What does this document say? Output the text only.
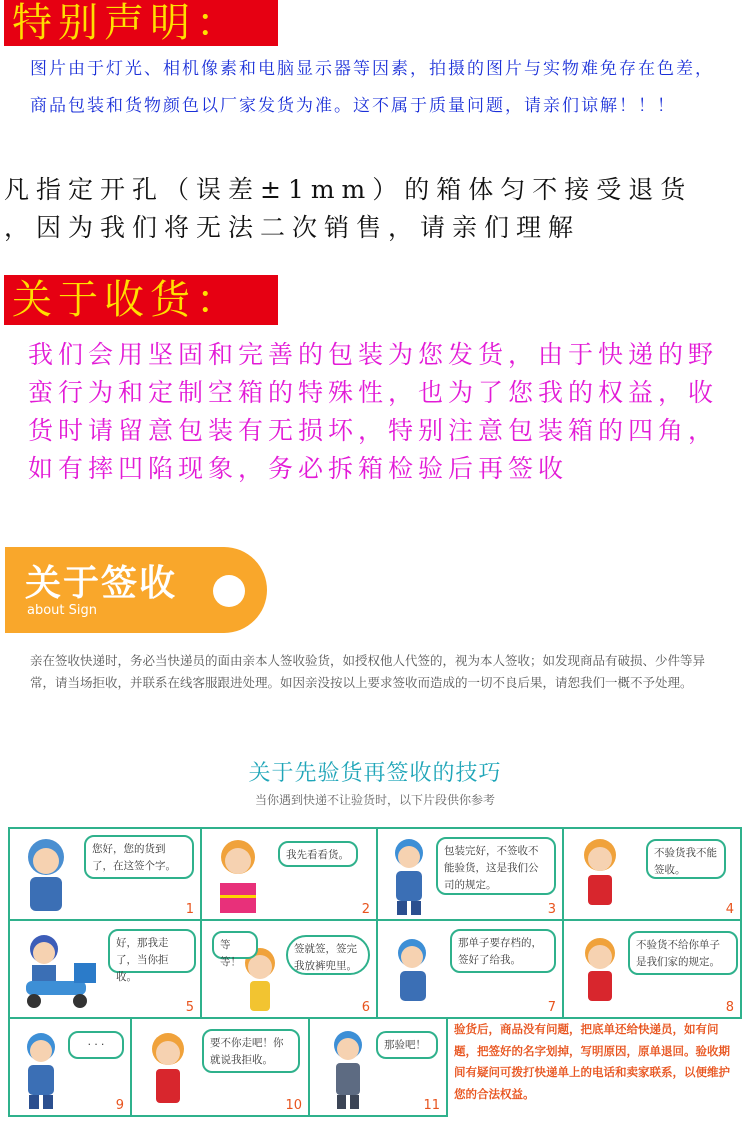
特别声明：
图片由于灯光、相机像素和电脑显示器等因素，拍摄的图片与实物难免存在色差，商品包装和货物颜色以厂家发货为准。这不属于质量问题，请亲们谅解！！！
凡指定开孔（误差±1mm）的箱体匀不接受退货
，因为我们将无法二次销售，请亲们理解
关于收货：
我们会用坚固和完善的包装为您发货，由于快递的野蛮行为和定制空箱的特殊性，也为了您我的权益，收货时请留意包装有无损坏，特别注意包装箱的四角，如有摔凹陷现象，务必拆箱检验后再签收
关于签收
about Sign
亲在签收快递时，务必当快递员的面由亲本人签收验货，如授权他人代签的，视为本人签收；如发现商品有破损、少件等异常，请当场拒收，并联系在线客服跟进处理。如因亲没按以上要求签收而造成的一切不良后果，请恕我们一概不予处理。
关于先验货再签收的技巧
当你遇到快递不让验货时，以下片段供你参考
您好，您的货到了，在这签个字。
1
我先看看货。
2
包装完好，不签收不能验货，这是我们公司的规定。
3
不验货我不能签收。
4
好，那我走了，当你拒收。
5
等等！
签就签，签完我放裤兜里。
6
那单子要存档的，签好了给我。
7
不验货不给你单子是我们家的规定。
8
· · ·
9
要不你走吧！你就说我拒收。
10
那验吧！
11
验货后，商品没有问题，把底单还给快递员，如有问题，把签好的名字划掉，写明原因，原单退回。验收期间有疑问可拨打快递单上的电话和卖家联系，以便维护您的合法权益。
